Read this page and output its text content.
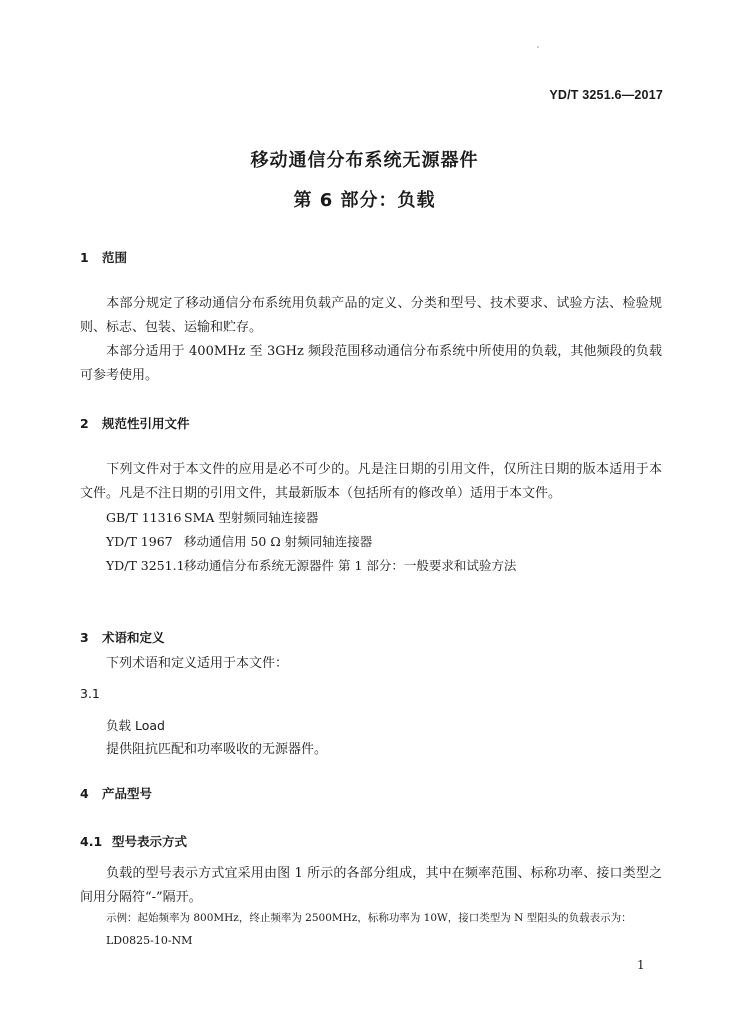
YD/T 3251.6—2017
移动通信分布系统无源器件
第 6 部分：负载
1 范围
本部分规定了移动通信分布系统用负载产品的定义、分类和型号、技术要求、试验方法、检验规则、标志、包装、运输和贮存。
本部分适用于 400MHz 至 3GHz 频段范围移动通信分布系统中所使用的负载，其他频段的负载可参考使用。
2 规范性引用文件
下列文件对于本文件的应用是必不可少的。凡是注日期的引用文件，仅所注日期的版本适用于本文件。凡是不注日期的引用文件，其最新版本（包括所有的修改单）适用于本文件。
GB/T 11316 SMA 型射频同轴连接器
YD/T 1967 移动通信用 50 Ω 射频同轴连接器
YD/T 3251.1移动通信分布系统无源器件 第 1 部分：一般要求和试验方法
3 术语和定义
下列术语和定义适用于本文件：
3.1
负载 Load
提供阻抗匹配和功率吸收的无源器件。
4 产品型号
4.1 型号表示方式
负载的型号表示方式宜采用由图 1 所示的各部分组成，其中在频率范围、标称功率、接口类型之间用分隔符“-”隔开。
示例：起始频率为 800MHz，终止频率为 2500MHz，标称功率为 10W，接口类型为 N 型阳头的负载表示为：
LD0825-10-NM
1
